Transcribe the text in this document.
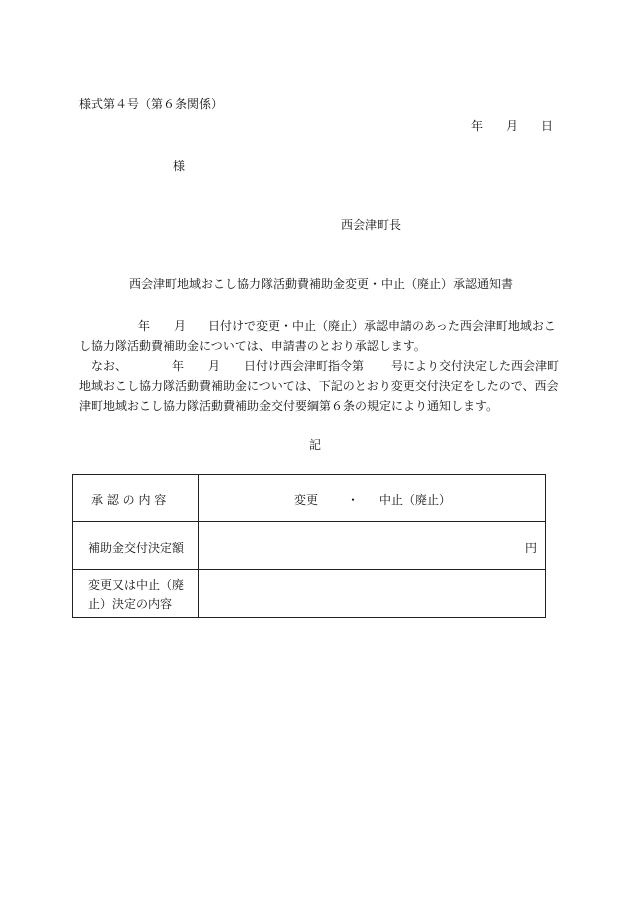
様式第４号（第６条関係）
年 月 日
様
西会津町長
西会津町地域おこし協力隊活動費補助金変更・中止（廃止）承認通知書
年 月 日付けで変更・中止（廃止）承認申請のあった西会津町地域おこ
し協力隊活動費補助金については、申請書のとおり承認します。
なお、	年 月 日付け西会津町指令第 号により交付決定した西会津町
地域おこし協力隊活動費補助金については、下記のとおり変更交付決定をしたので、西会
津町地域おこし協力隊活動費補助金交付要綱第６条の規定により通知します。
記
承 認 の 内 容	変更 ・ 中止（廃止）
補助金交付決定額	円
変更又は中止（廃
止）決定の内容
